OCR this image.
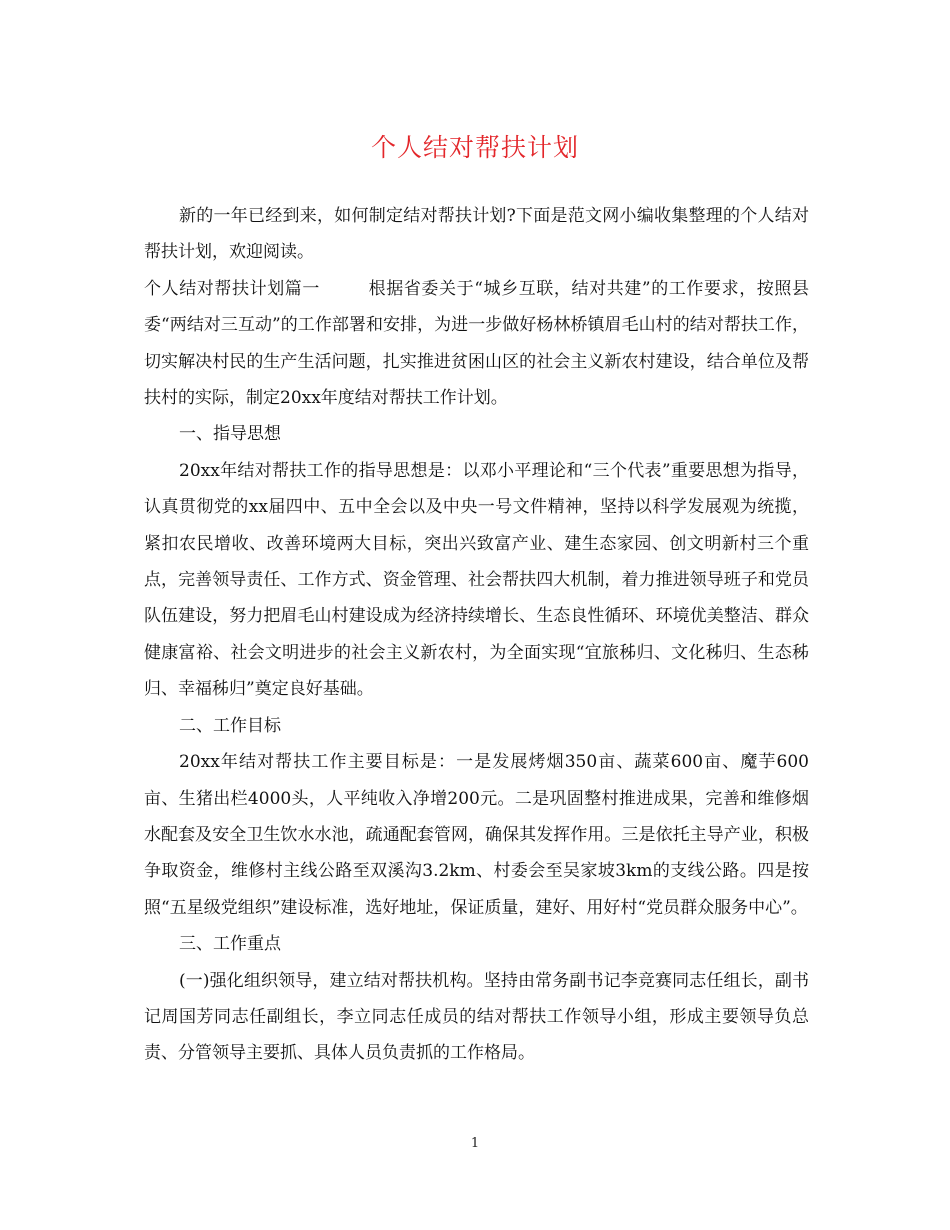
个人结对帮扶计划

新的一年已经到来，如何制定结对帮扶计划?下面是范文网小编收集整理的个人结对帮扶计划，欢迎阅读。

个人结对帮扶计划篇一	根据省委关于“城乡互联，结对共建”的工作要求，按照县委“两结对三互动”的工作部署和安排，为进一步做好杨林桥镇眉毛山村的结对帮扶工作，切实解决村民的生产生活问题，扎实推进贫困山区的社会主义新农村建设，结合单位及帮扶村的实际，制定20xx年度结对帮扶工作计划。

一、指导思想

20xx年结对帮扶工作的指导思想是：以邓小平理论和“三个代表”重要思想为指导，认真贯彻党的xx届四中、五中全会以及中央一号文件精神，坚持以科学发展观为统揽，紧扣农民增收、改善环境两大目标，突出兴致富产业、建生态家园、创文明新村三个重点，完善领导责任、工作方式、资金管理、社会帮扶四大机制，着力推进领导班子和党员队伍建设，努力把眉毛山村建设成为经济持续增长、生态良性循环、环境优美整洁、群众健康富裕、社会文明进步的社会主义新农村，为全面实现“宜旅秭归、文化秭归、生态秭归、幸福秭归”奠定良好基础。

二、工作目标

20xx年结对帮扶工作主要目标是：一是发展烤烟350亩、蔬菜600亩、魔芋600亩、生猪出栏4000头，人平纯收入净增200元。二是巩固整村推进成果，完善和维修烟水配套及安全卫生饮水水池，疏通配套管网，确保其发挥作用。三是依托主导产业，积极争取资金，维修村主线公路至双溪沟3.2km、村委会至吴家坡3km的支线公路。四是按照“五星级党组织”建设标准，选好地址，保证质量，建好、用好村“党员群众服务中心”。

三、工作重点

(一)强化组织领导，建立结对帮扶机构。坚持由常务副书记李竞赛同志任组长，副书记周国芳同志任副组长，李立同志任成员的结对帮扶工作领导小组，形成主要领导负总责、分管领导主要抓、具体人员负责抓的工作格局。

1
